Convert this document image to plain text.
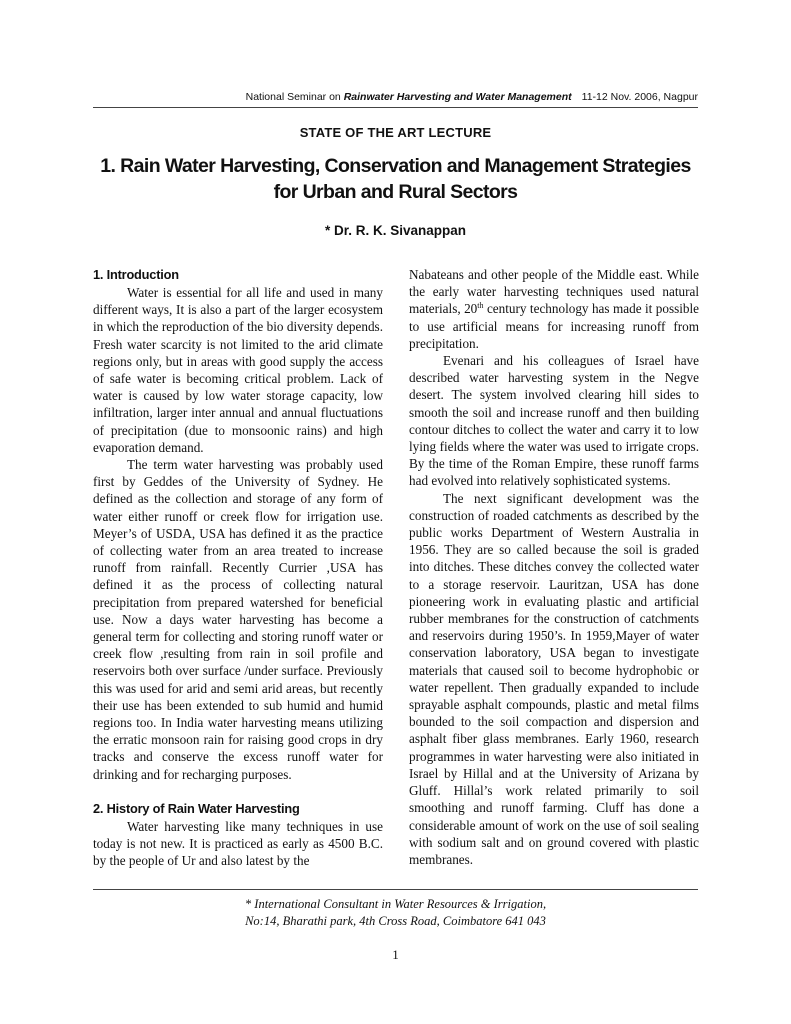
National Seminar on Rainwater Harvesting and Water Management 11-12 Nov. 2006, Nagpur
STATE OF THE ART LECTURE
1. Rain Water Harvesting, Conservation and Management Strategies
for Urban and Rural Sectors
* Dr. R. K. Sivanappan
1. Introduction

Water is essential for all life and used in many different ways, It is also a part of the larger ecosystem in which the reproduction of the bio diversity depends. Fresh water scarcity is not limited to the arid climate regions only, but in areas with good supply the access of safe water is becoming critical problem. Lack of water is caused by low water storage capacity, low infiltration, larger inter annual and annual fluctuations of precipitation (due to monsoonic rains) and high evaporation demand.

The term water harvesting was probably used first by Geddes of the University of Sydney. He defined as the collection and storage of any form of water either runoff or creek flow for irrigation use. Meyer’s of USDA, USA has defined it as the practice of collecting water from an area treated to increase runoff from rainfall. Recently Currier ,USA has defined it as the process of collecting natural precipitation from prepared watershed for beneficial use. Now a days water harvesting has become a general term for collecting and storing runoff water or creek flow ,resulting from rain in soil profile and reservoirs both over surface /under surface. Previously this was used for arid and semi arid areas, but recently their use has been extended to sub humid and humid regions too. In India water harvesting means utilizing the erratic monsoon rain for raising good crops in dry tracks and conserve the excess runoff water for drinking and for recharging purposes.

2. History of Rain Water Harvesting

Water harvesting like many techniques in use today is not new. It is practiced as early as 4500 B.C. by the people of Ur and also latest by the

Nabateans and other people of the Middle east. While the early water harvesting techniques used natural materials, 20th century technology has made it possible to use artificial means for increasing runoff from precipitation.

Evenari and his colleagues of Israel have described water harvesting system in the Negve desert. The system involved clearing hill sides to smooth the soil and increase runoff and then building contour ditches to collect the water and carry it to low lying fields where the water was used to irrigate crops. By the time of the Roman Empire, these runoff farms had evolved into relatively sophisticated systems.

The next significant development was the construction of roaded catchments as described by the public works Department of Western Australia in 1956. They are so called because the soil is graded into ditches. These ditches convey the collected water to a storage reservoir. Lauritzan, USA has done pioneering work in evaluating plastic and artificial rubber membranes for the construction of catchments and reservoirs during 1950’s. In 1959,Mayer of water conservation laboratory, USA began to investigate materials that caused soil to become hydrophobic or water repellent. Then gradually expanded to include sprayable asphalt compounds, plastic and metal films bounded to the soil compaction and dispersion and asphalt fiber glass membranes. Early 1960, research programmes in water harvesting were also initiated in Israel by Hillal and at the University of Arizana by Gluff. Hillal’s work related primarily to soil smoothing and runoff farming. Cluff has done a considerable amount of work on the use of soil sealing with sodium salt and on ground covered with plastic membranes.

* International Consultant in Water Resources & Irrigation,
No:14, Bharathi park, 4th Cross Road, Coimbatore 641 043
1
